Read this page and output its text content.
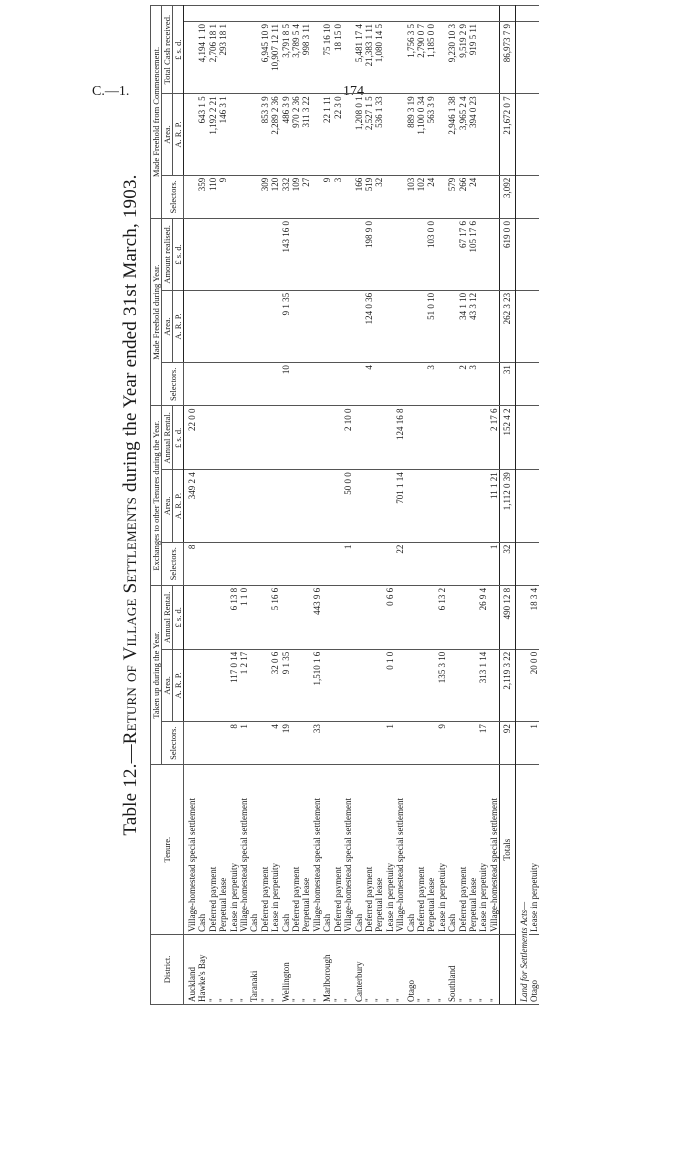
C.—1.	174
Table 12.—Return of Village Settlements during the Year ended 31st March, 1903.
District.	Tenure.	Taken up during the Year.			Exchanges to other Tenures during the Year.			Made Freehold during Year.			Made Freehold from Commencement.			
		Selectors.	Area.	Annual Rental.	Selectors.	Area.	Annual Rental.	Selectors.	Area.	Amount realised.	Selectors.	Area.	Total Cash received.	
			A. R. P.	£ s. d.		A. R. P.	£ s. d.		A. R. P.	£ s. d.		A. R. P.	£ s. d.	
Auckland	Village-homestead special settlement				8	349 2 4	22 0 0							
Hawke's Bay	Cash										359	643 1 5	4,194 1 10	
"	Deferred payment										110	1,192 2 21	2,706 18 1	
"	Perpetual lease										9	146 3 1	293 18 1	
"	Lease in perpetuity	8	117 0 14	6 13 8										
"	Village-homestead special settlement	1	1 2 17	1 1 0										
Taranaki	Cash													
"	Deferred payment										309	853 3 9	6,945 10 9	
"	Lease in perpetuity	4	32 0 6	5 16 6							120	2,289 2 36	10,907 12 11	
Wellington	Cash	19	9 1 35					10	9 1 35	143 16 0	332	486 3 9	3,791 8 5	
"	Deferred payment										109	970 2 36	3,789 5 4	
"	Perpetual lease										27	311 3 22	998 3 11	
"	Village-homestead special settlement	33	1,510 1 6	443 9 6										
Marlborough	Cash										9	22 1 11	75 16 10	
"	Deferred payment										3	22 3 0	18 15 0	
"	Village-homestead special settlement				1	50 0 0	2 10 0							
Canterbury	Cash										166	1,208 0 1	5,481 17 4	
"	Deferred payment							4	124 0 36	198 9 0	519	2,527 1 5	21,383 1 11	
"	Perpetual lease										32	536 1 33	1,080 14 5	
"	Lease in perpetuity	1	0 1 0	0 6 6										
"	Village-homestead special settlement				22	701 1 14	124 16 8							
Otago	Cash										103	889 3 19	1,756 3 5	
"	Deferred payment										102	1,100 0 34	2,790 0 7	
"	Perpetual lease							3	51 0 10	103 0 0	24	563 3 9	1,185 0 0	
"	Lease in perpetuity	9	135 3 10	6 13 2										
Southland	Cash										579	2,946 1 38	9,230 10 3	
"	Deferred payment							2	34 1 10	67 17 6	266	3,965 2 4	9,519 2 9	
"	Perpetual lease							3	43 3 12	105 17 6	24	394 0 23	919 5 11	
"	Lease in perpetuity	17	313 1 14	26 9 4										
"	Village-homestead special settlement				1	11 1 21	2 17 6							
	Totals	92	2,119 3 22	490 12 8	32	1,112 0 39	152 4 2	31	262 3 23	619 0 0	3,092	21,672 0 7	86,973 7 9	
Land for Settlements Acts—														
Otago	Lease in perpetuity	1	20 0 0	18 3 4										
